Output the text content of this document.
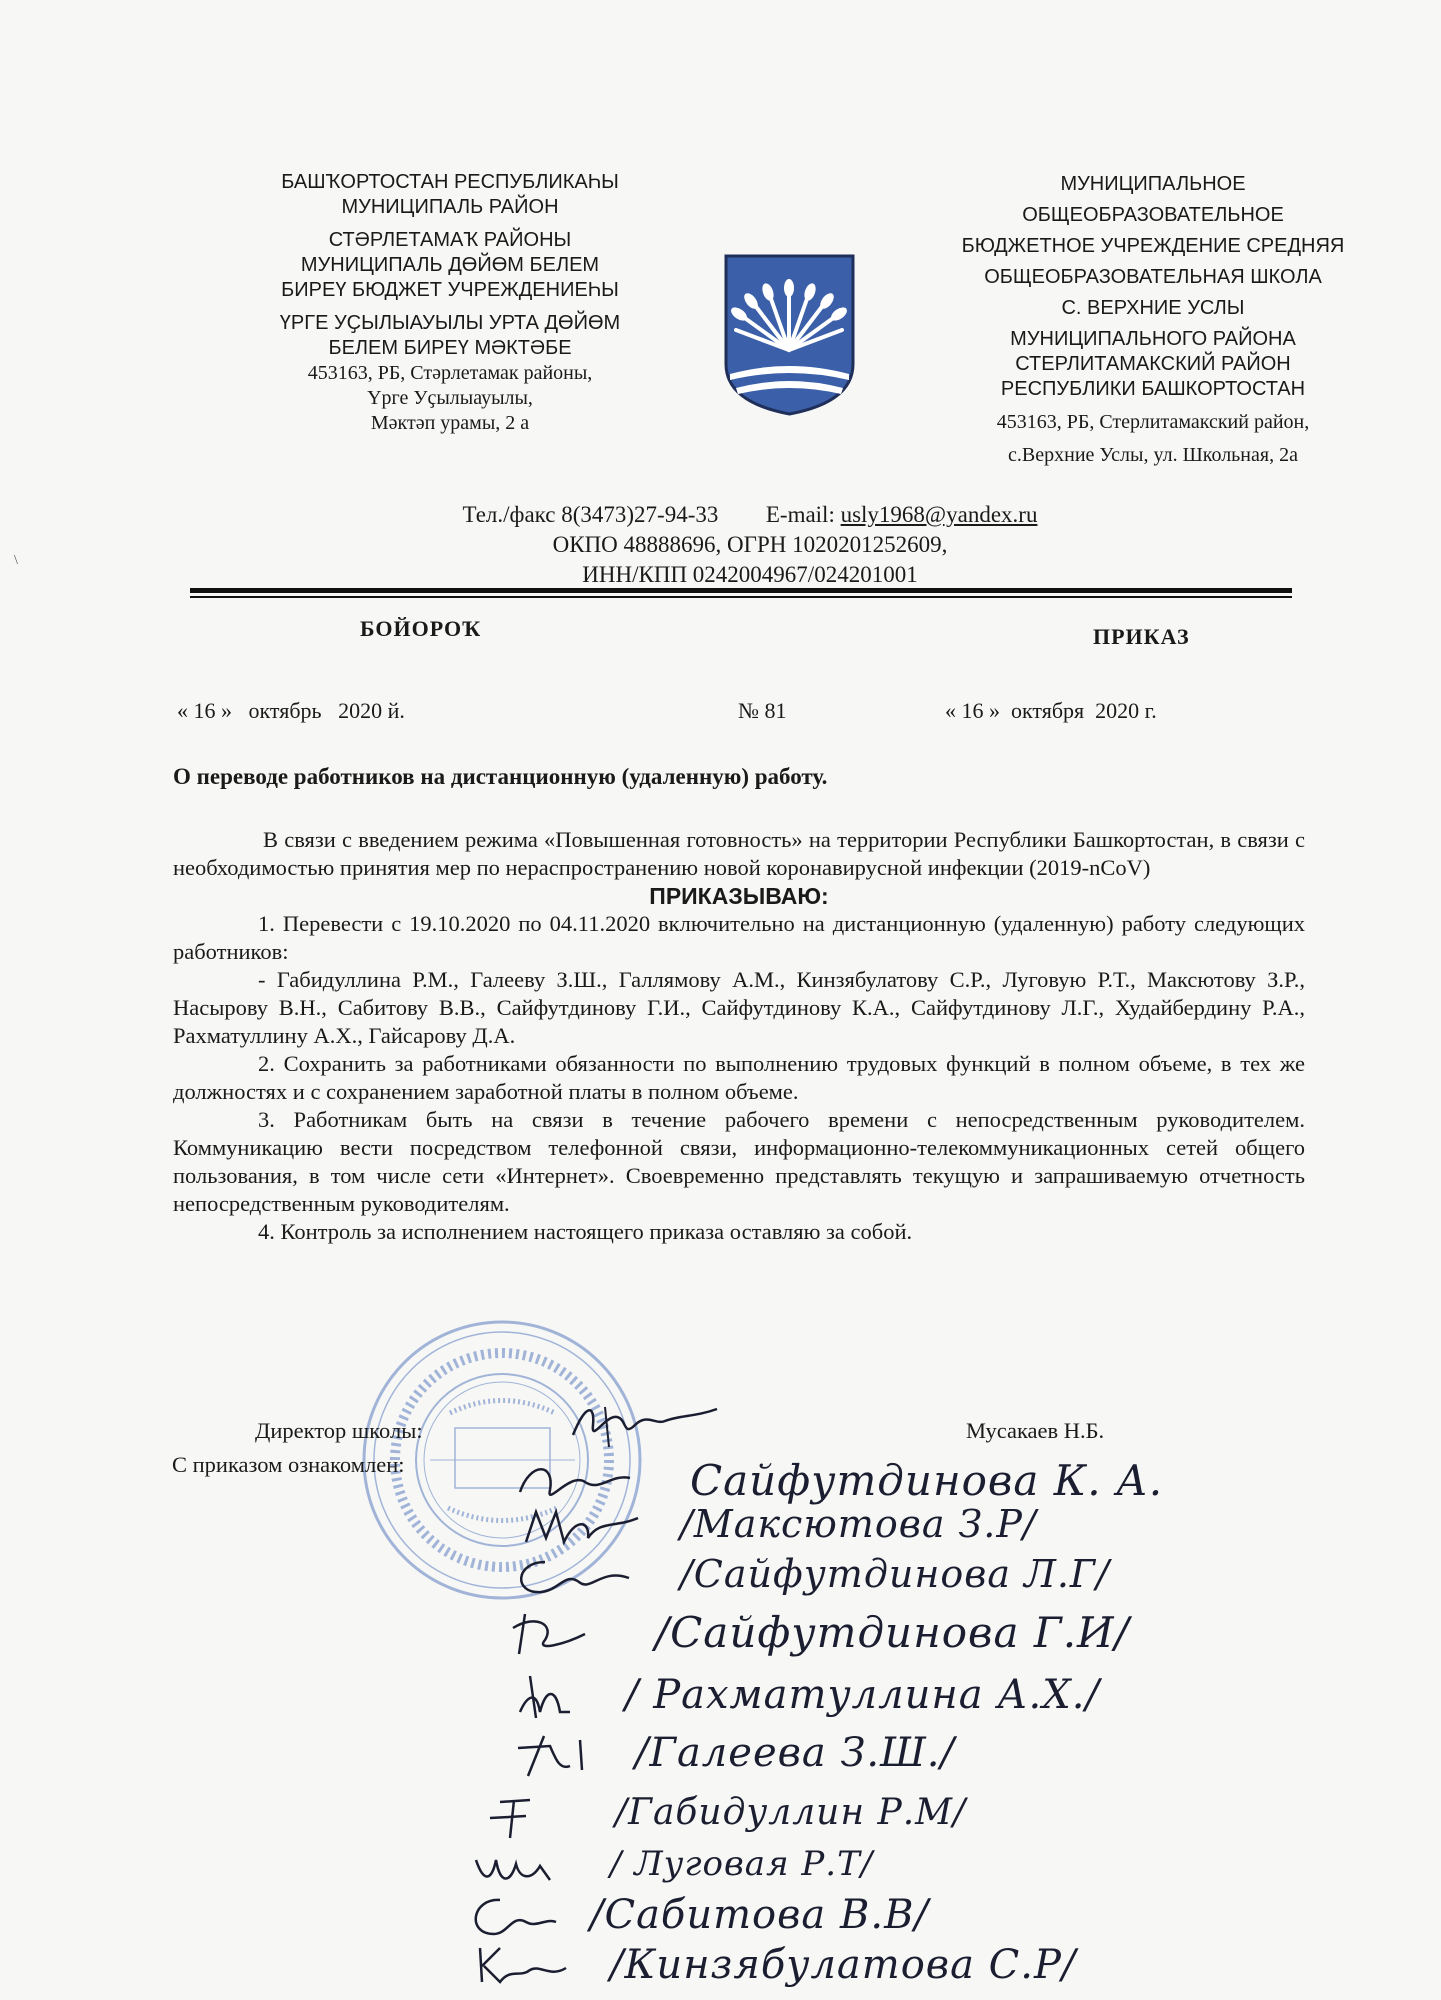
БАШҠОРТОСТАН РЕСПУБЛИКАҺЫ
МУНИЦИПАЛЬ РАЙОН
СТӘРЛЕТАМАҠ РАЙОНЫ
МУНИЦИПАЛЬ ДӨЙӨМ БЕЛЕМ
БИРЕҮ БЮДЖЕТ УЧРЕЖДЕНИЕҺЫ
ҮРГЕ УҪЫЛЫАУЫЛЫ УРТА ДӨЙӨМ
БЕЛЕМ БИРЕҮ МӘКТӘБЕ
453163, РБ, Стәрлетамак районы,
Үрге Уҫылыауылы,
Мәктәп урамы, 2 а
МУНИЦИПАЛЬНОЕ
ОБЩЕОБРАЗОВАТЕЛЬНОЕ
БЮДЖЕТНОЕ УЧРЕЖДЕНИЕ СРЕДНЯЯ
ОБЩЕОБРАЗОВАТЕЛЬНАЯ ШКОЛА
С. ВЕРХНИЕ УСЛЫ
МУНИЦИПАЛЬНОГО РАЙОНА
СТЕРЛИТАМАКСКИЙ РАЙОН
РЕСПУБЛИКИ БАШКОРТОСТАН
453163, РБ, Стерлитамакский район,
с.Верхние Услы, ул. Школьная, 2а
Тел./факс 8(3473)27-94-33 E-mail: usly1968@yandex.ru
ОКПО 48888696, ОГРН 1020201252609,
ИНН/КПП 0242004967/024201001
БОЙОРОҠ	ПРИКАЗ
« 16 »   октябрь   2020 й.	№ 81	« 16 »  октября  2020 г.
О переводе работников на дистанционную (удаленную) работу.

В связи с введением режима «Повышенная готовность» на территории Республики Башкортостан, в связи с необходимостью принятия мер по нераспространению новой коронавирусной инфекции (2019-nCoV)

ПРИКАЗЫВАЮ:

1. Перевести с 19.10.2020 по 04.11.2020 включительно на дистанционную (удаленную) работу следующих работников:

- Габидуллина Р.М., Галееву З.Ш., Галлямову А.М., Кинзябулатову С.Р., Луговую Р.Т., Максютову З.Р., Насырову В.Н., Сабитову В.В., Сайфутдинову Г.И., Сайфутдинову К.А., Сайфутдинову Л.Г., Худайбердину Р.А., Рахматуллину А.Х., Гайсарову Д.А.

2. Сохранить за работниками обязанности по выполнению трудовых функций в полном объеме, в тех же должностях и с сохранением заработной платы в полном объеме.

3. Работникам быть на связи в течение рабочего времени с непосредственным руководителем. Коммуникацию вести посредством телефонной связи, информационно-телекоммуникационных сетей общего пользования, в том числе сети «Интернет». Своевременно представлять текущую и запрашиваемую отчетность непосредственным руководителям.

4. Контроль за исполнением настоящего приказа оставляю за собой.

Директор школы:	Мусакаев Н.Б.
С приказом ознакомлен:	Сайфутдинова К. А.
/Максютова З.Р/
/Сайфутдинова Л.Г/
/Сайфутдинова Г.И/
/ Рахматуллина А.Х./
/Галеева З.Ш./
/Габидуллин Р.М/
/ Луговая Р.Т/
/Сабитова В.В/
/Кинзябулатова С.Р/
\
